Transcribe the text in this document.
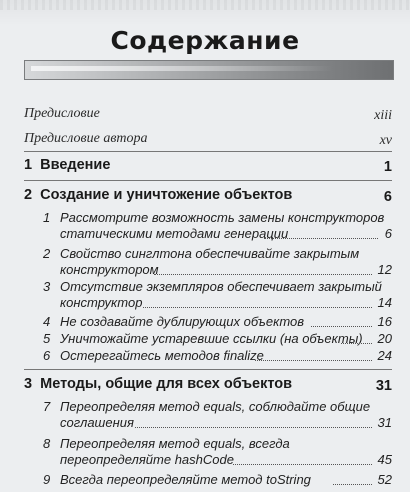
Содержание
Предисловие	xiii
Предисловие автора	xv
1 Введение	1
2 Создание и уничтожение объектов	6
1 Рассмотрите возможность замены конструкторов
статическими методами генерации	6
2 Свойство синглтона обеспечивайте закрытым
конструктором	12
3 Отсутствие экземпляров обеспечивает закрытый
конструктор	14
4 Не создавайте дублирующих объектов	16
5 Уничтожайте устаревшие ссылки (на объекты) 20
6 Остерегайтесь методов finalize	24
3 Методы, общие для всех объектов	31
7 Переопределяя метод equals, соблюдайте общие
соглашения	31
8 Переопределяя метод equals, всегда
переопределяйте hashCode	45
9 Всегда переопределяйте метод toString	52
